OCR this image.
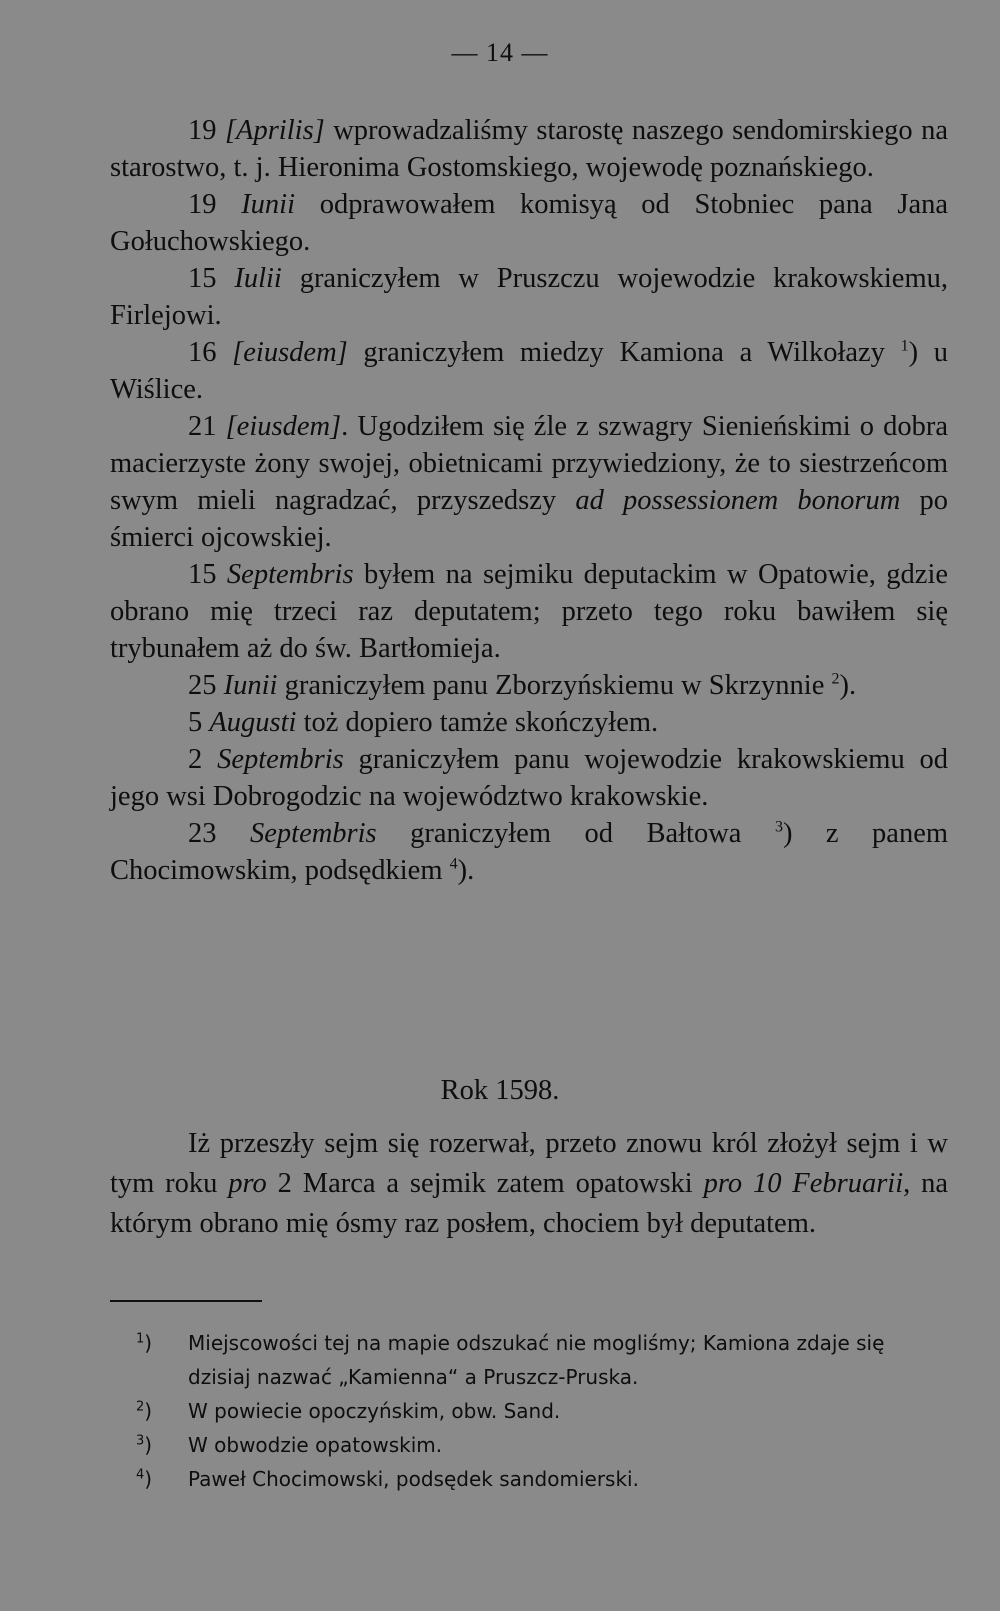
— 14 —

19 [Aprilis] wprowadzaliśmy starostę naszego sendomirskiego na starostwo, t. j. Hieronima Gostomskiego, wojewodę poznańskiego.

19 Iunii odprawowałem komisyą od Stobniec pana Jana Gołuchowskiego.

15 Iulii graniczyłem w Pruszczu wojewodzie krakowskiemu, Firlejowi.

16 [eiusdem] graniczyłem miedzy Kamiona a Wilkołazy $^1$) u Wiślice.

21 [eiusdem]. Ugodziłem się źle z szwagry Sienieńskimi o dobra macierzyste żony swojej, obietnicami przywiedziony, że to siestrzeńcom swym mieli nagradzać, przyszedszy ad possessionem bonorum po śmierci ojcowskiej.

15 Septembris byłem na sejmiku deputackim w Opatowie, gdzie obrano mię trzeci raz deputatem; przeto tego roku bawiłem się trybunałem aż do św. Bartłomieja.

25 Iunii graniczyłem panu Zborzyńskiemu w Skrzynnie $^2$).

5 Augusti toż dopiero tamże skończyłem.

2 Septembris graniczyłem panu wojewodzie krakowskiemu od jego wsi Dobrogodzic na województwo krakowskie.

23 Septembris graniczyłem od Bałtowa $^3$) z panem Chocimowskim, podsędkiem $^4$).

Rok 1598.

Iż przeszły sejm się rozerwał, przeto znowu król złożył sejm i w tym roku pro 2 Marca a sejmik zatem opatowski pro 10 Februarii, na którym obrano mię ósmy raz posłem, chociem był deputatem.

$^1$) Miejscowości tej na mapie odszukać nie mogliśmy; Kamiona zdaje się dzisiaj nazwać „Kamienna“ a Pruszcz-Pruska.
$^2$) W powiecie opoczyńskim, obw. Sand.
$^3$) W obwodzie opatowskim.
$^4$) Paweł Chocimowski, podsędek sandomierski.
